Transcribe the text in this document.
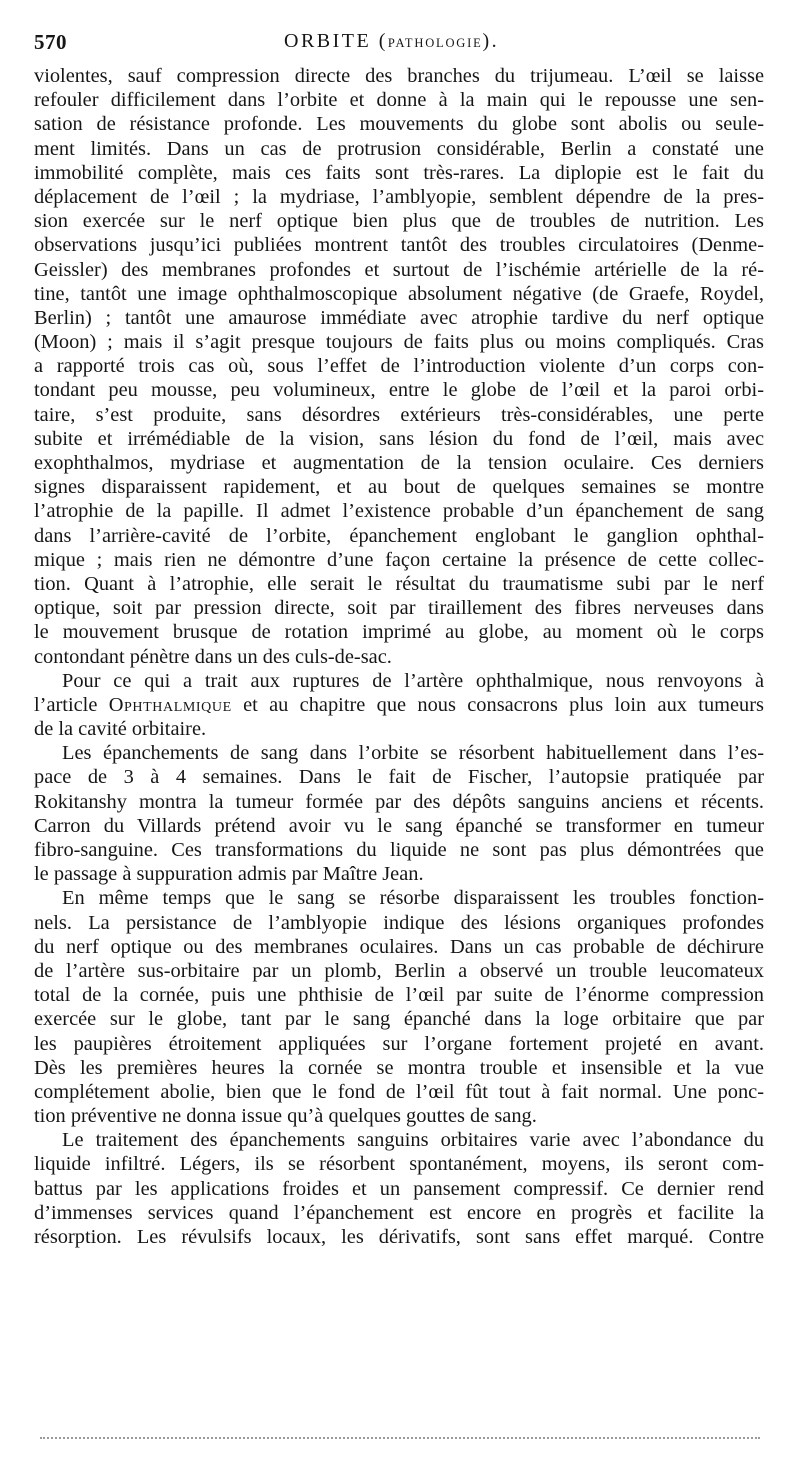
570	ORBITE (PATHOLOGIE).
violentes, sauf compression directe des branches du trijumeau. L’œil se laisse
refouler difficilement dans l’orbite et donne à la main qui le repousse une sen-
sation de résistance profonde. Les mouvements du globe sont abolis ou seule-
ment limités. Dans un cas de protrusion considérable, Berlin a constaté une
immobilité complète, mais ces faits sont très-rares. La diplopie est le fait du
déplacement de l’œil ; la mydriase, l’amblyopie, semblent dépendre de la pres-
sion exercée sur le nerf optique bien plus que de troubles de nutrition. Les
observations jusqu’ici publiées montrent tantôt des troubles circulatoires (Denme-
Geissler) des membranes profondes et surtout de l’ischémie artérielle de la ré-
tine, tantôt une image ophthalmoscopique absolument négative (de Graefe, Roydel,
Berlin) ; tantôt une amaurose immédiate avec atrophie tardive du nerf optique
(Moon) ; mais il s’agit presque toujours de faits plus ou moins compliqués. Cras
a rapporté trois cas où, sous l’effet de l’introduction violente d’un corps con-
tondant peu mousse, peu volumineux, entre le globe de l’œil et la paroi orbi-
taire, s’est produite, sans désordres extérieurs très-considérables, une perte
subite et irrémédiable de la vision, sans lésion du fond de l’œil, mais avec
exophthalmos, mydriase et augmentation de la tension oculaire. Ces derniers
signes disparaissent rapidement, et au bout de quelques semaines se montre
l’atrophie de la papille. Il admet l’existence probable d’un épanchement de sang
dans l’arrière-cavité de l’orbite, épanchement englobant le ganglion ophthal-
mique ; mais rien ne démontre d’une façon certaine la présence de cette collec-
tion. Quant à l’atrophie, elle serait le résultat du traumatisme subi par le nerf
optique, soit par pression directe, soit par tiraillement des fibres nerveuses dans
le mouvement brusque de rotation imprimé au globe, au moment où le corps
contondant pénètre dans un des culs-de-sac.
Pour ce qui a trait aux ruptures de l’artère ophthalmique, nous renvoyons à
l’article Ophthalmique et au chapitre que nous consacrons plus loin aux tumeurs
de la cavité orbitaire.
Les épanchements de sang dans l’orbite se résorbent habituellement dans l’es-
pace de 3 à 4 semaines. Dans le fait de Fischer, l’autopsie pratiquée par
Rokitanshy montra la tumeur formée par des dépôts sanguins anciens et récents.
Carron du Villards prétend avoir vu le sang épanché se transformer en tumeur
fibro-sanguine. Ces transformations du liquide ne sont pas plus démontrées que
le passage à suppuration admis par Maître Jean.
En même temps que le sang se résorbe disparaissent les troubles fonction-
nels. La persistance de l’amblyopie indique des lésions organiques profondes
du nerf optique ou des membranes oculaires. Dans un cas probable de déchirure
de l’artère sus-orbitaire par un plomb, Berlin a observé un trouble leucomateux
total de la cornée, puis une phthisie de l’œil par suite de l’énorme compression
exercée sur le globe, tant par le sang épanché dans la loge orbitaire que par
les paupières étroitement appliquées sur l’organe fortement projeté en avant.
Dès les premières heures la cornée se montra trouble et insensible et la vue
complétement abolie, bien que le fond de l’œil fût tout à fait normal. Une ponc-
tion préventive ne donna issue qu’à quelques gouttes de sang.
Le traitement des épanchements sanguins orbitaires varie avec l’abondance du
liquide infiltré. Légers, ils se résorbent spontanément, moyens, ils seront com-
battus par les applications froides et un pansement compressif. Ce dernier rend
d’immenses services quand l’épanchement est encore en progrès et facilite la
résorption. Les révulsifs locaux, les dérivatifs, sont sans effet marqué. Contre
